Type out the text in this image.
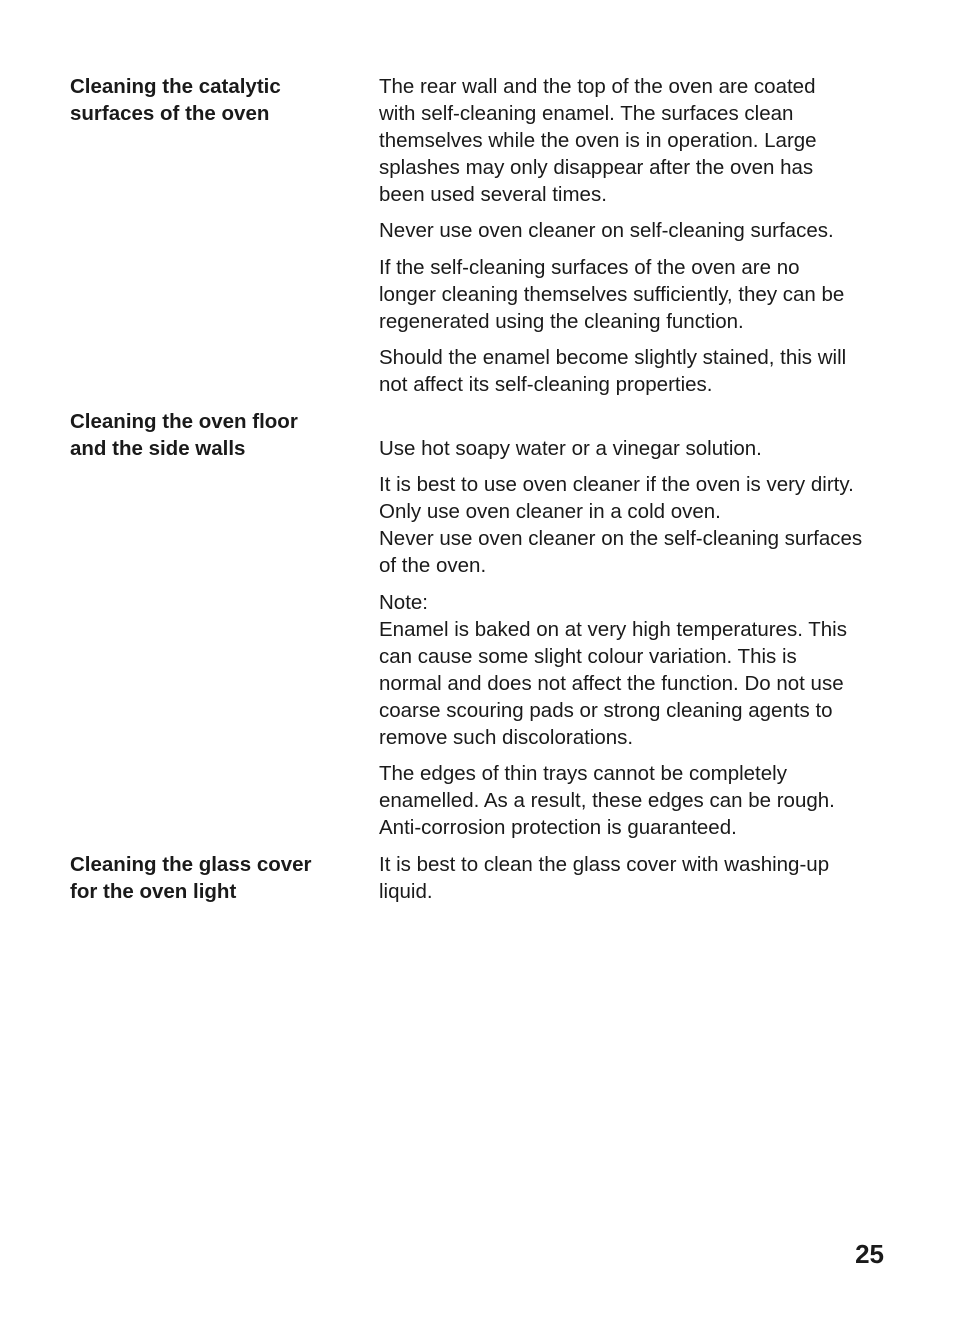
Cleaning the catalytic
surfaces of the oven
The rear wall and the top of the oven are coated
with self-cleaning enamel. The surfaces clean
themselves while the oven is in operation. Large
splashes may only disappear after the oven has
been used several times.
Never use oven cleaner on self-cleaning surfaces.
If the self-cleaning surfaces of the oven are no
longer cleaning themselves sufficiently, they can be
regenerated using the cleaning function.
Should the enamel become slightly stained, this will
not affect its self-cleaning properties.
Cleaning the oven floor
and the side walls	Use hot soapy water or a vinegar solution.
It is best to use oven cleaner if the oven is very dirty.
Only use oven cleaner in a cold oven.
Never use oven cleaner on the self-cleaning surfaces
of the oven.
Note:
Enamel is baked on at very high temperatures. This
can cause some slight colour variation. This is
normal and does not affect the function. Do not use
coarse scouring pads or strong cleaning agents to
remove such discolorations.
The edges of thin trays cannot be completely
enamelled. As a result, these edges can be rough.
Anti-corrosion protection is guaranteed.
Cleaning the glass cover
for the oven light
It is best to clean the glass cover with washing-up
liquid.
25
